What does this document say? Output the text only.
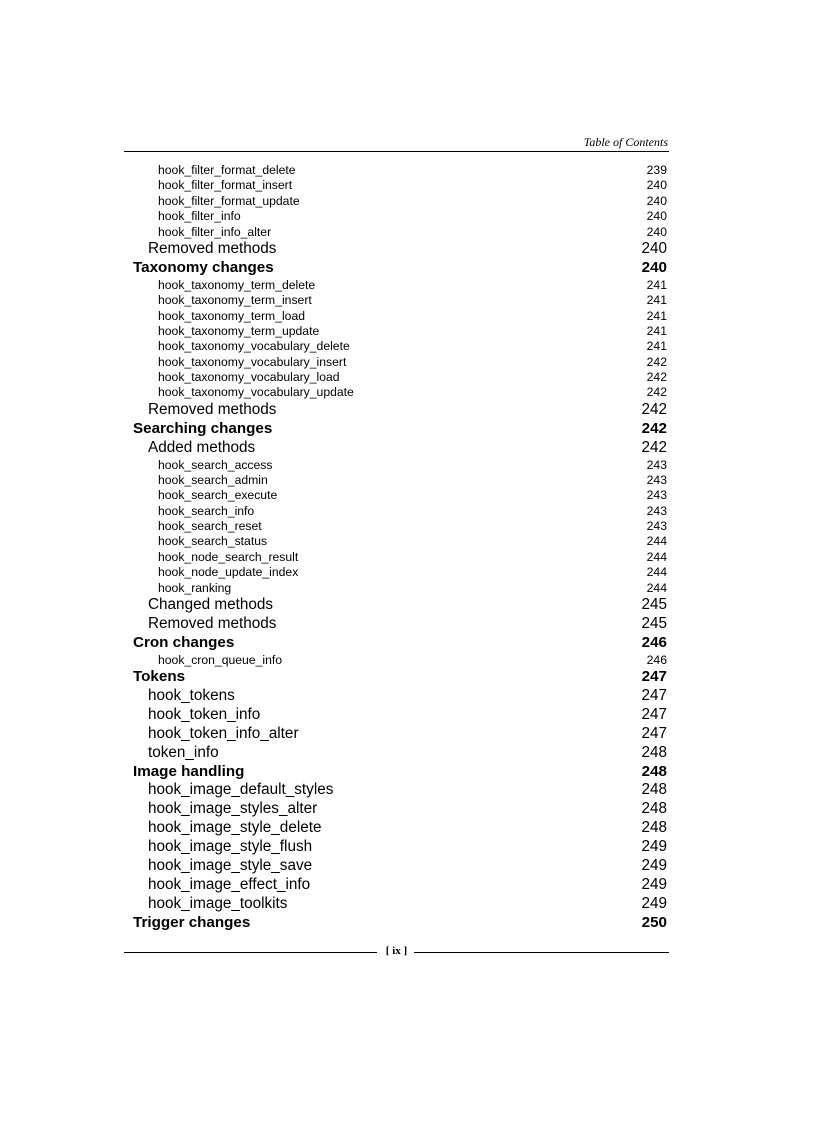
Table of Contents
hook_filter_format_delete	239
hook_filter_format_insert	240
hook_filter_format_update	240
hook_filter_info	240
hook_filter_info_alter	240
Removed methods	240
Taxonomy changes	240
hook_taxonomy_term_delete	241
hook_taxonomy_term_insert	241
hook_taxonomy_term_load	241
hook_taxonomy_term_update	241
hook_taxonomy_vocabulary_delete	241
hook_taxonomy_vocabulary_insert	242
hook_taxonomy_vocabulary_load	242
hook_taxonomy_vocabulary_update	242
Removed methods	242
Searching changes	242
Added methods	242
hook_search_access	243
hook_search_admin	243
hook_search_execute	243
hook_search_info	243
hook_search_reset	243
hook_search_status	244
hook_node_search_result	244
hook_node_update_index	244
hook_ranking	244
Changed methods	245
Removed methods	245
Cron changes	246
hook_cron_queue_info	246
Tokens	247
hook_tokens	247
hook_token_info	247
hook_token_info_alter	247
token_info	248
Image handling	248
hook_image_default_styles	248
hook_image_styles_alter	248
hook_image_style_delete	248
hook_image_style_flush	249
hook_image_style_save	249
hook_image_effect_info	249
hook_image_toolkits	249
Trigger changes	250
[ ix ]
